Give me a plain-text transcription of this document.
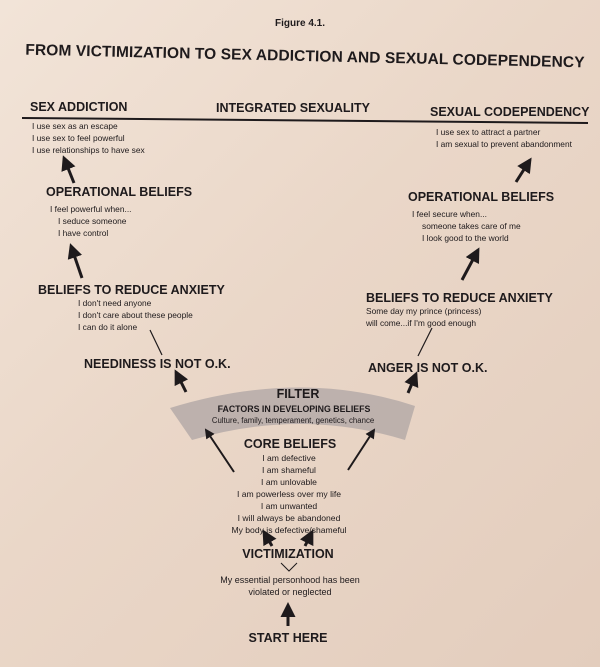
Figure 4.1.
FROM VICTIMIZATION TO SEX ADDICTION AND SEXUAL CODEPENDENCY
SEX ADDICTION	INTEGRATED SEXUALITY	SEXUAL CODEPENDENCY
I use sex as an escape
I use sex to feel powerful
I use relationships to have sex
I use sex to attract a partner
I am sexual to prevent abandonment
OPERATIONAL BELIEFS
I feel powerful when...
I seduce someone
I have control
OPERATIONAL BELIEFS
I feel secure when...
someone takes care of me
I look good to the world
BELIEFS TO REDUCE ANXIETY
I don't need anyone
I don't care about these people
I can do it alone
BELIEFS TO REDUCE ANXIETY
Some day my prince (princess)
will come...if I'm good enough
NEEDINESS IS NOT O.K.	ANGER IS NOT O.K.
FILTER
FACTORS IN DEVELOPING BELIEFS
Culture, family, temperament, genetics, chance
CORE BELIEFS
I am defective
I am shameful
I am unlovable
I am powerless over my life
I am unwanted
I will always be abandoned
My body is defective/shameful
VICTIMIZATION
My essential personhood has been
violated or neglected
START HERE
